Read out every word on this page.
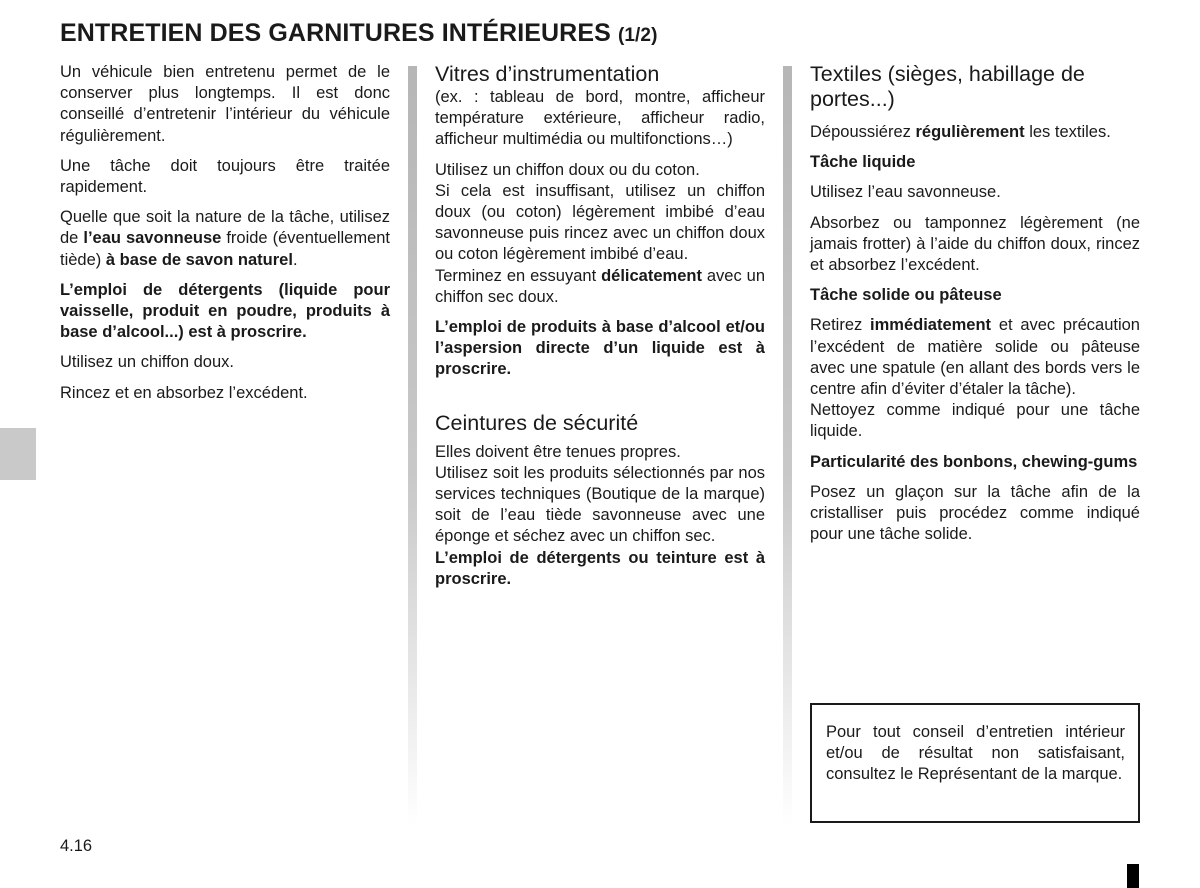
ENTRETIEN DES GARNITURES INTÉRIEURES (1/2)

Un véhicule bien entretenu permet de le conserver plus longtemps. Il est donc conseillé d’entretenir l’intérieur du véhicule régulièrement.

Une tâche doit toujours être traitée rapidement.

Quelle que soit la nature de la tâche, utilisez de l’eau savonneuse froide (éventuellement tiède) à base de savon naturel.

L’emploi de détergents (liquide pour vaisselle, produit en poudre, produits à base d’alcool...) est à proscrire.

Utilisez un chiffon doux.

Rincez et en absorbez l’excédent.

Vitres d’instrumentation

(ex. : tableau de bord, montre, afficheur température extérieure, afficheur radio, afficheur multimédia ou multifonctions…)

Utilisez un chiffon doux ou du coton.

Si cela est insuffisant, utilisez un chiffon doux (ou coton) légèrement imbibé d’eau savonneuse puis rincez avec un chiffon doux ou coton légèrement imbibé d’eau.

Terminez en essuyant délicatement avec un chiffon sec doux.

L’emploi de produits à base d’alcool et/ou l’aspersion directe d’un liquide est à proscrire.

Ceintures de sécurité

Elles doivent être tenues propres.

Utilisez soit les produits sélectionnés par nos services techniques (Boutique de la marque) soit de l’eau tiède savonneuse avec une éponge et séchez avec un chiffon sec.

L’emploi de détergents ou teinture est à proscrire.

Textiles (sièges, habillage de portes...)

Dépoussiérez régulièrement les textiles.

Tâche liquide

Utilisez l’eau savonneuse.

Absorbez ou tamponnez légèrement (ne jamais frotter) à l’aide du chiffon doux, rincez et absorbez l’excédent.

Tâche solide ou pâteuse

Retirez immédiatement et avec précaution l’excédent de matière solide ou pâteuse avec une spatule (en allant des bords vers le centre afin d’éviter d’étaler la tâche).

Nettoyez comme indiqué pour une tâche liquide.

Particularité des bonbons, chewing-gums

Posez un glaçon sur la tâche afin de la cristalliser puis procédez comme indiqué pour une tâche solide.

Pour tout conseil d’entretien intérieur et/ou de résultat non satisfaisant, consultez le Représentant de la marque.

4.16
